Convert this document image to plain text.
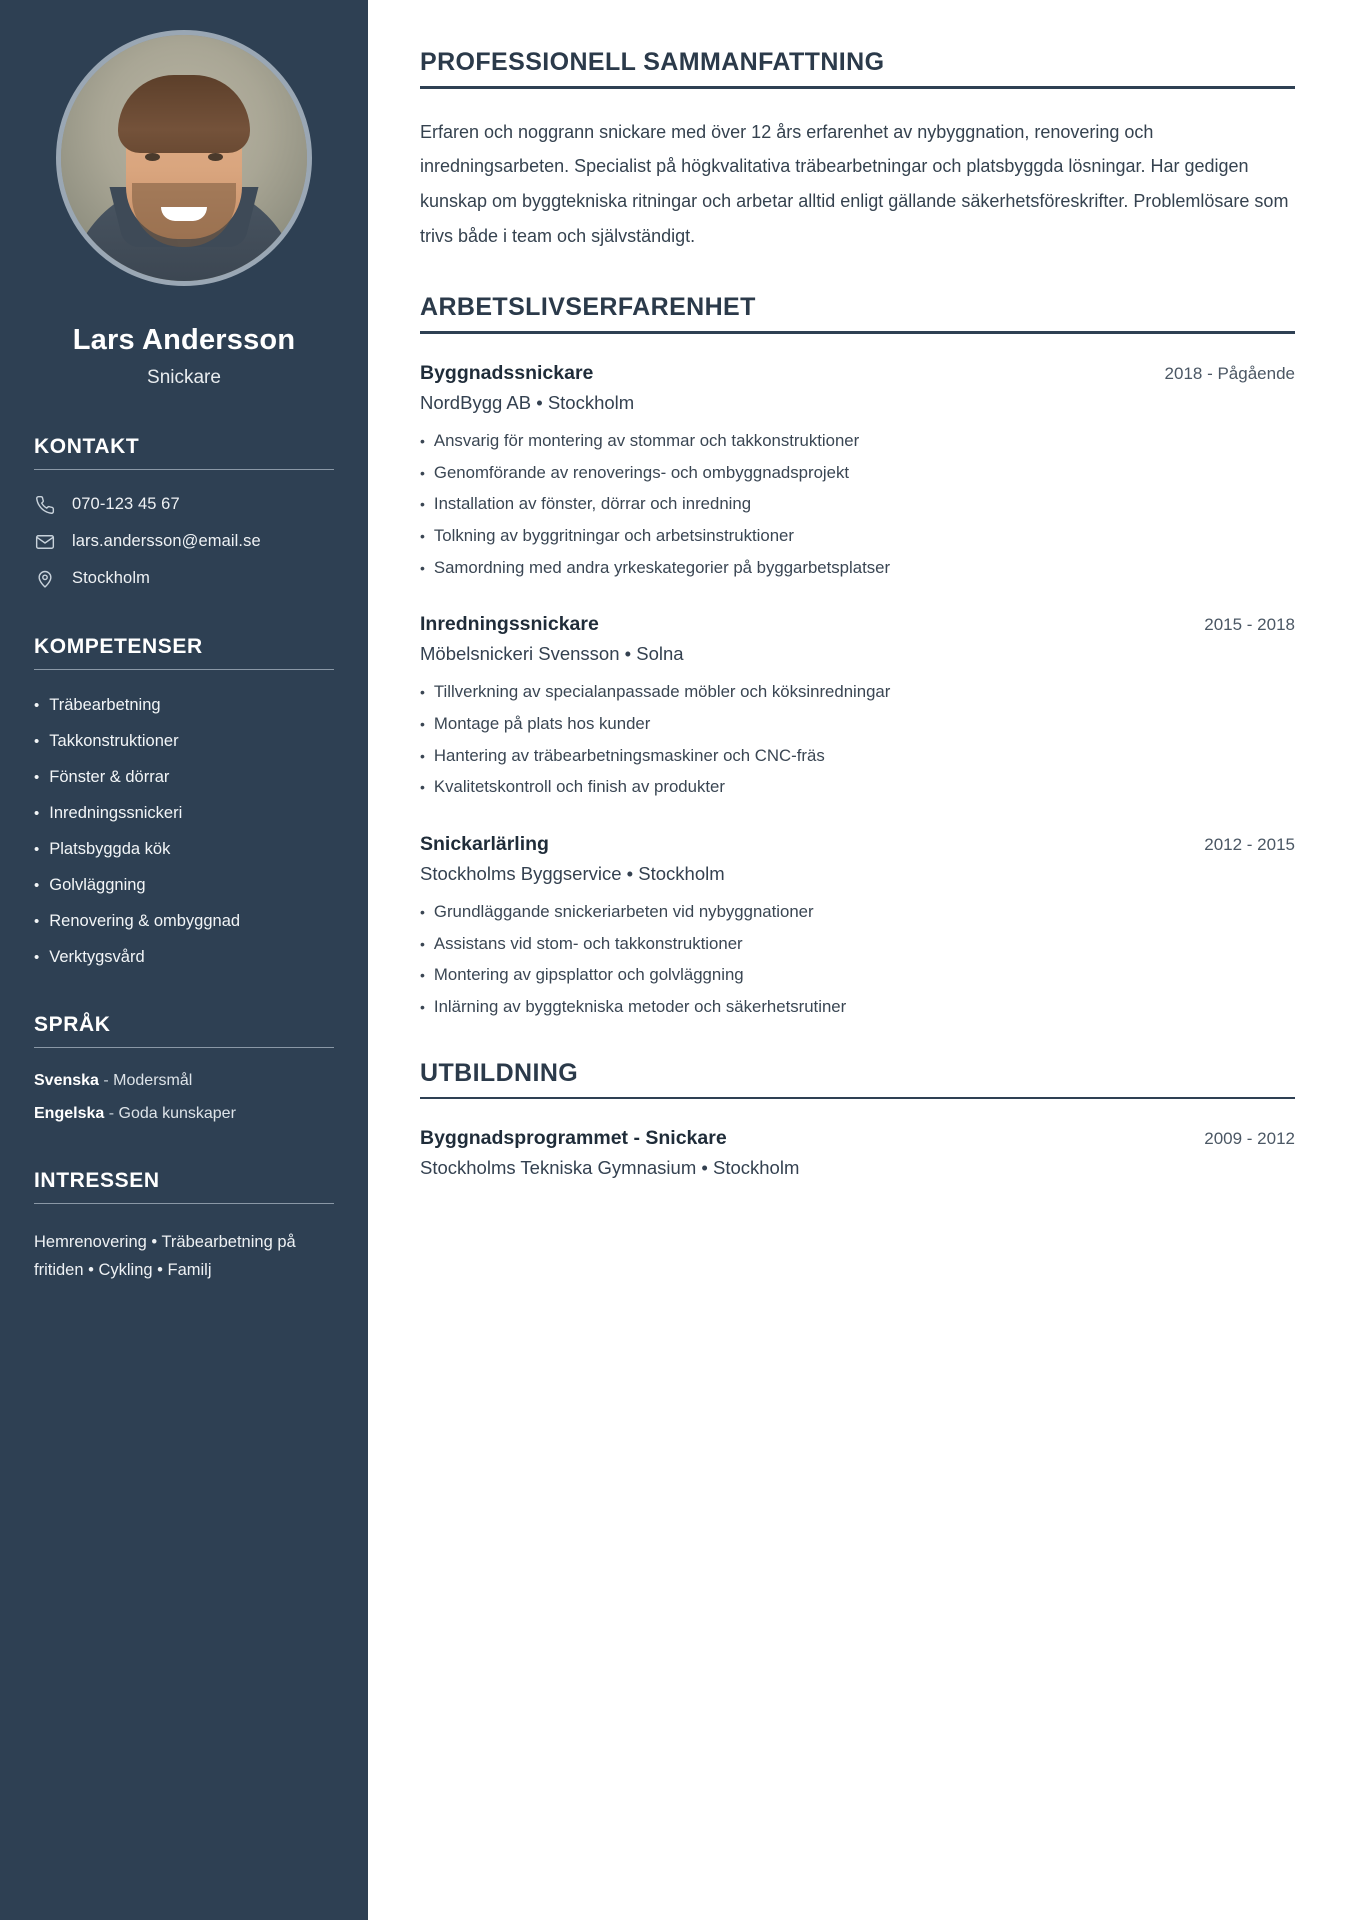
Lars Andersson
Snickare
KONTAKT
070-123 45 67
lars.andersson@email.se
Stockholm
KOMPETENSER
• Träbearbetning
• Takkonstruktioner
• Fönster & dörrar
• Inredningssnickeri
• Platsbyggda kök
• Golvläggning
• Renovering & ombyggnad
• Verktygsvård
SPRÅK
Svenska - Modersmål
Engelska - Goda kunskaper
INTRESSEN
Hemrenovering • Träbearbetning på fritiden • Cykling • Familj
PROFESSIONELL SAMMANFATTNING

Erfaren och noggrann snickare med över 12 års erfarenhet av nybyggnation, renovering och inredningsarbeten. Specialist på högkvalitativa träbearbetningar och platsbyggda lösningar. Har gedigen kunskap om byggtekniska ritningar och arbetar alltid enligt gällande säkerhetsföreskrifter. Problemlösare som trivs både i team och självständigt.

ARBETSLIVSERFARENHET
Byggnadssnickare	2018 - Pågående
NordBygg AB • Stockholm
• Ansvarig för montering av stommar och takkonstruktioner
• Genomförande av renoverings- och ombyggnadsprojekt
• Installation av fönster, dörrar och inredning
• Tolkning av byggritningar och arbetsinstruktioner
• Samordning med andra yrkeskategorier på byggarbetsplatser
Inredningssnickare	2015 - 2018
Möbelsnickeri Svensson • Solna
• Tillverkning av specialanpassade möbler och köksinredningar
• Montage på plats hos kunder
• Hantering av träbearbetningsmaskiner och CNC-fräs
• Kvalitetskontroll och finish av produkter
Snickarlärling	2012 - 2015
Stockholms Byggservice • Stockholm
• Grundläggande snickeriarbeten vid nybyggnationer
• Assistans vid stom- och takkonstruktioner
• Montering av gipsplattor och golvläggning
• Inlärning av byggtekniska metoder och säkerhetsrutiner
UTBILDNING
Byggnadsprogrammet - Snickare	2009 - 2012
Stockholms Tekniska Gymnasium • Stockholm
